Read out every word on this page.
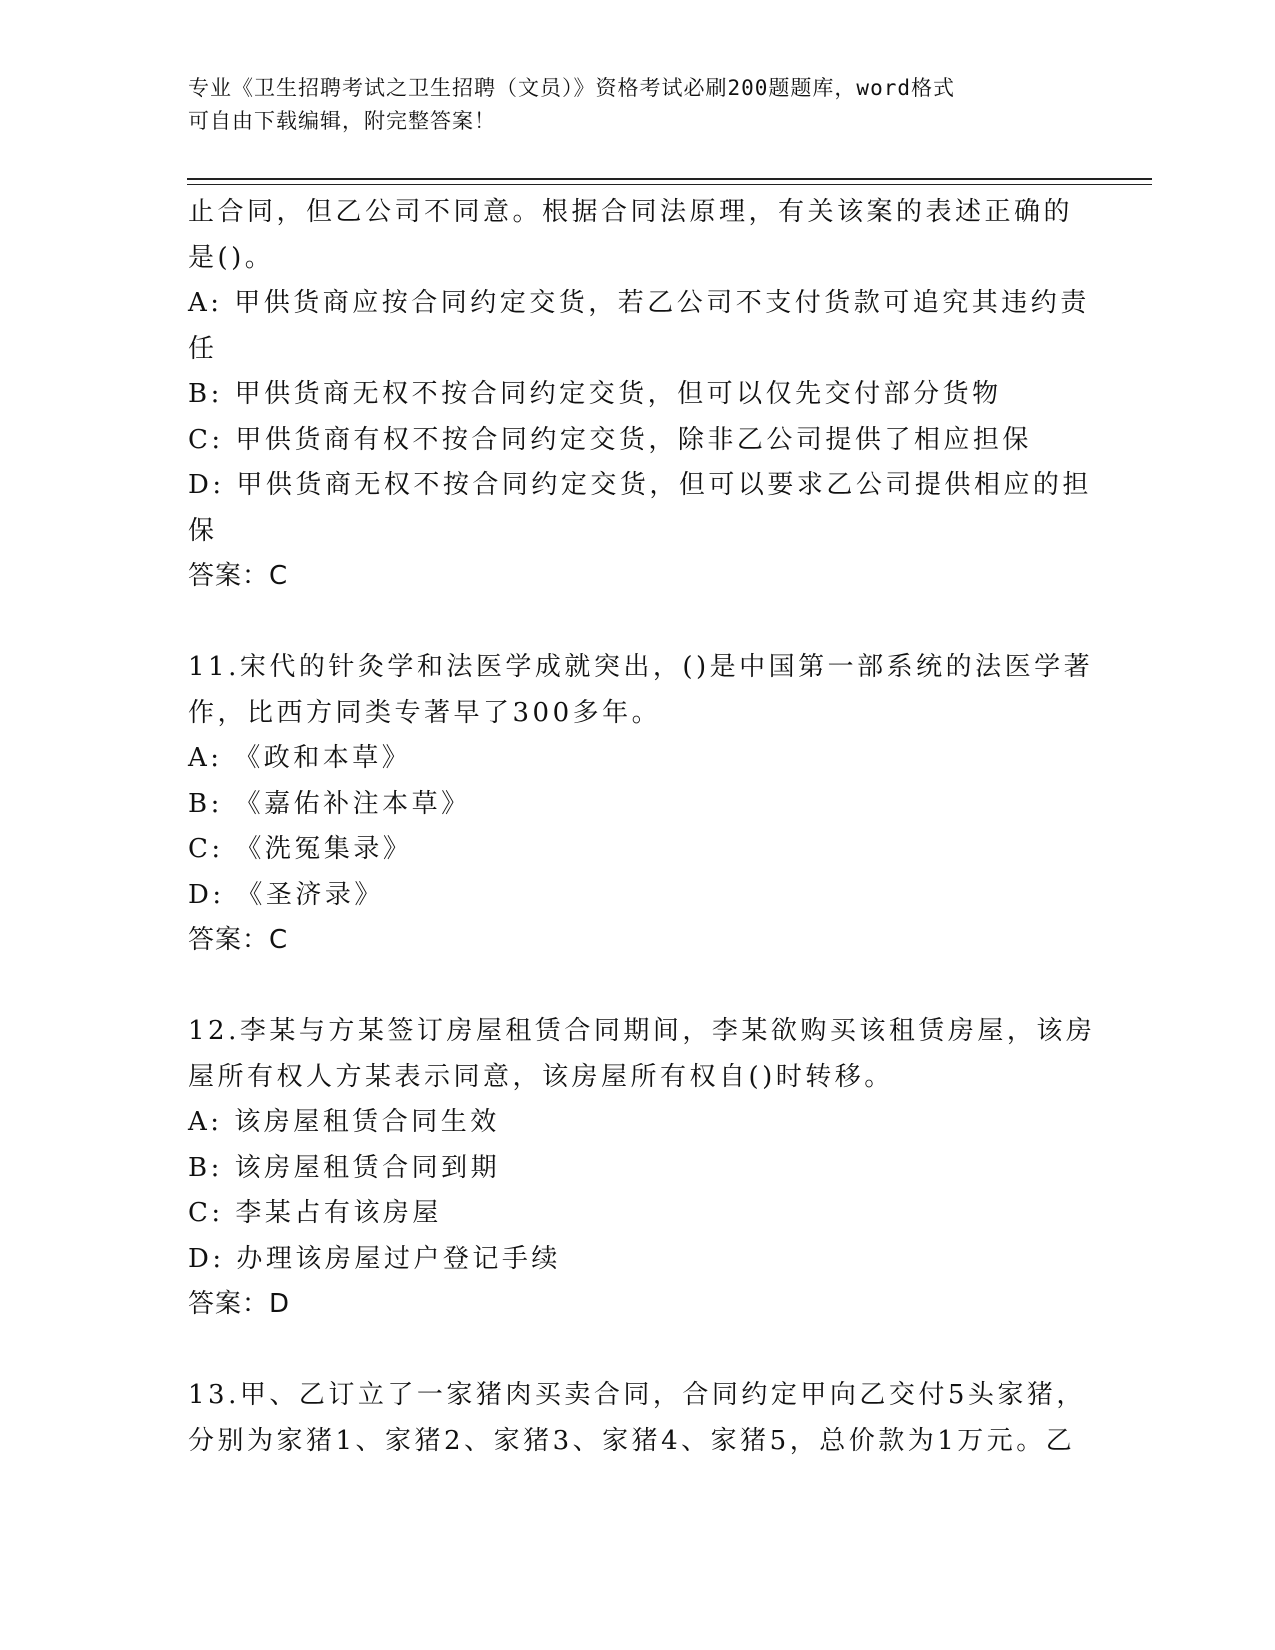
专业《卫生招聘考试之卫生招聘（文员）》资格考试必刷200题题库，word格式
可自由下载编辑，附完整答案！
止合同，但乙公司不同意。根据合同法原理，有关该案的表述正确的
是()。
A: 甲供货商应按合同约定交货，若乙公司不支付货款可追究其违约责
任
B: 甲供货商无权不按合同约定交货，但可以仅先交付部分货物
C: 甲供货商有权不按合同约定交货，除非乙公司提供了相应担保
D: 甲供货商无权不按合同约定交货，但可以要求乙公司提供相应的担
保
答案：C
11.宋代的针灸学和法医学成就突出，()是中国第一部系统的法医学著
作，比西方同类专著早了300多年。
A: 《政和本草》
B: 《嘉佑补注本草》
C: 《洗冤集录》
D: 《圣济录》
答案：C
12.李某与方某签订房屋租赁合同期间，李某欲购买该租赁房屋，该房
屋所有权人方某表示同意，该房屋所有权自()时转移。
A: 该房屋租赁合同生效
B: 该房屋租赁合同到期
C: 李某占有该房屋
D: 办理该房屋过户登记手续
答案：D
13.甲、乙订立了一家猪肉买卖合同，合同约定甲向乙交付5头家猪，
分别为家猪1、家猪2、家猪3、家猪4、家猪5，总价款为1万元。乙
